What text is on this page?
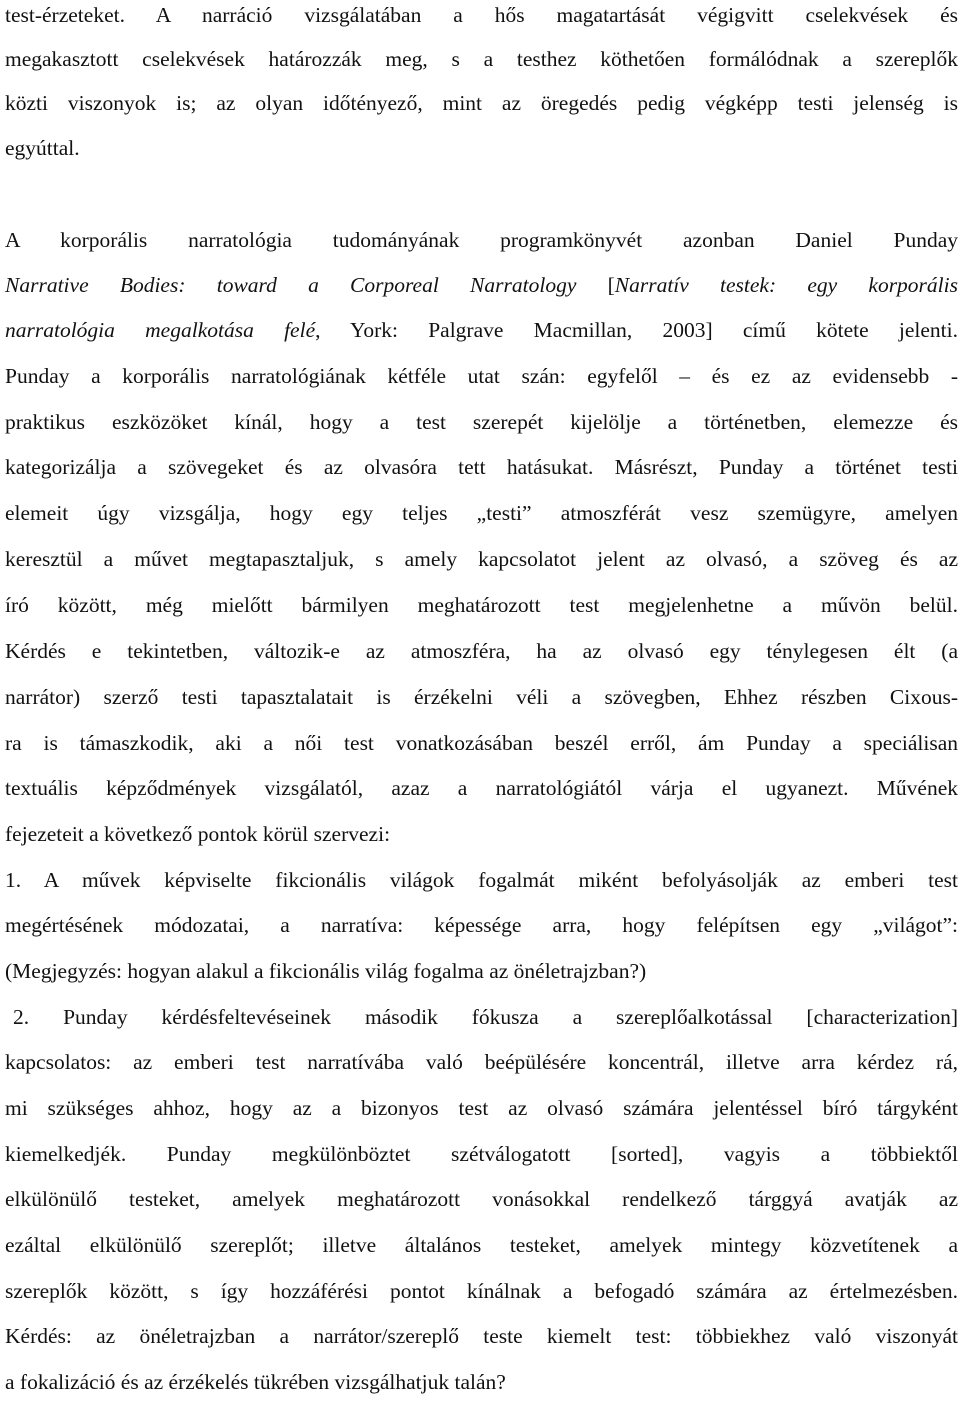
test-érzeteket. A narráció vizsgálatában a hős magatartását végigvitt cselekvések és
megakasztott cselekvések határozzák meg, s a testhez köthetően formálódnak a szereplők
közti viszonyok is; az olyan időtényező, mint az öregedés pedig végképp testi jelenség is
egyúttal.
A korporális narratológia tudományának programkönyvét azonban Daniel Punday
Narrative Bodies: toward a Corporeal Narratology [Narratív testek: egy korporális
narratológia megalkotása felé, York: Palgrave Macmillan, 2003] című kötete jelenti.
Punday a korporális narratológiának kétféle utat szán: egyfelől – és ez az evidensebb -
praktikus eszközöket kínál, hogy a test szerepét kijelölje a történetben, elemezze és
kategorizálja a szövegeket és az olvasóra tett hatásukat. Másrészt, Punday a történet testi
elemeit úgy vizsgálja, hogy egy teljes „testi” atmoszférát vesz szemügyre, amelyen
keresztül a művet megtapasztaljuk, s amely kapcsolatot jelent az olvasó, a szöveg és az
író között, még mielőtt bármilyen meghatározott test megjelenhetne a művön belül.
Kérdés e tekintetben, változik-e az atmoszféra, ha az olvasó egy ténylegesen élt (a
narrátor) szerző testi tapasztalatait is érzékelni véli a szövegben, Ehhez részben Cixous-
ra is támaszkodik, aki a női test vonatkozásában beszél erről, ám Punday a speciálisan
textuális képződmények vizsgálatól, azaz a narratológiától várja el ugyanezt. Művének
fejezeteit a következő pontok körül szervezi:
1. A művek képviselte fikcionális világok fogalmát miként befolyásolják az emberi test
megértésének módozatai, a narratíva: képessége arra, hogy felépítsen egy „világot”:
(Megjegyzés: hogyan alakul a fikcionális világ fogalma az önéletrajzban?)
2. Punday kérdésfeltevéseinek második fókusza a szereplőalkotással [characterization]
kapcsolatos: az emberi test narratívába való beépülésére koncentrál, illetve arra kérdez rá,
mi szükséges ahhoz, hogy az a bizonyos test az olvasó számára jelentéssel bíró tárgyként
kiemelkedjék. Punday megkülönböztet szétválogatott [sorted], vagyis a többiektől
elkülönülő testeket, amelyek meghatározott vonásokkal rendelkező tárggyá avatják az
ezáltal elkülönülő szereplőt; illetve általános testeket, amelyek mintegy közvetítenek a
szereplők között, s így hozzáférési pontot kínálnak a befogadó számára az értelmezésben.
Kérdés: az önéletrajzban a narrátor/szereplő teste kiemelt test: többiekhez való viszonyát
a fokalizáció és az érzékelés tükrében vizsgálhatjuk talán?
